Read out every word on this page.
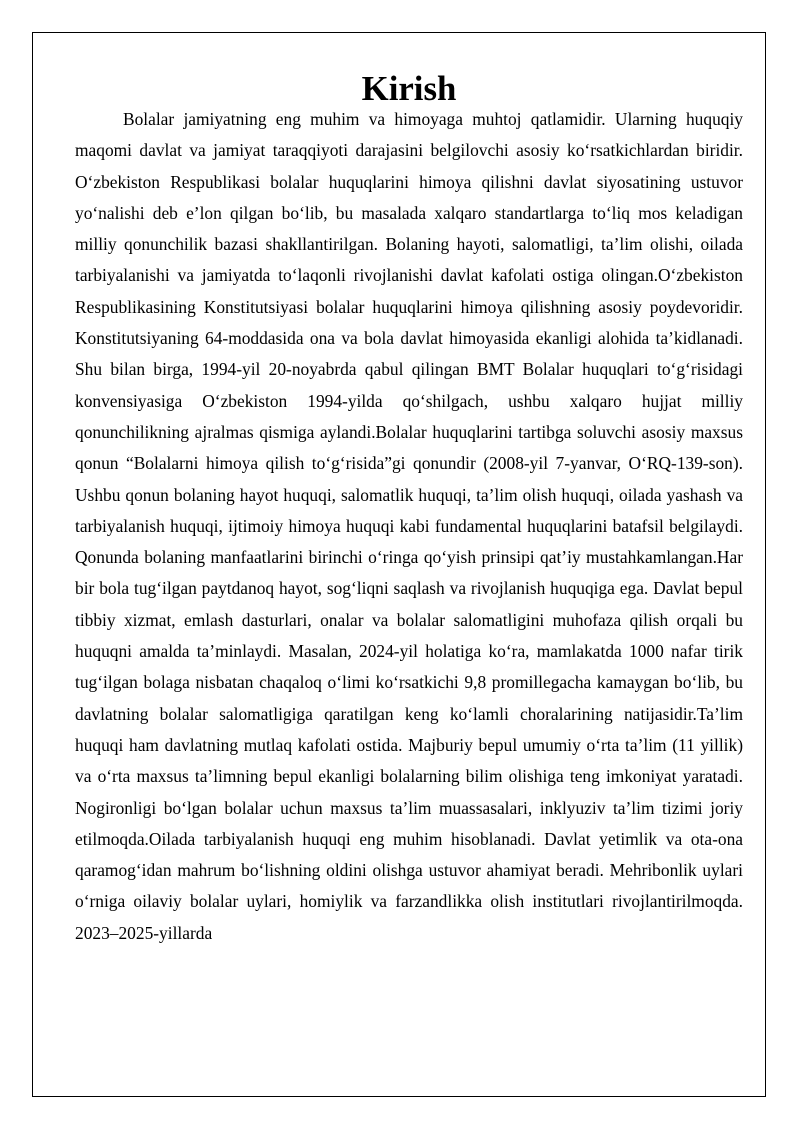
Kirish

Bolalar jamiyatning eng muhim va himoyaga muhtoj qatlamidir. Ularning huquqiy maqomi davlat va jamiyat taraqqiyoti darajasini belgilovchi asosiy ko‘rsatkichlardan biridir. O‘zbekiston Respublikasi bolalar huquqlarini himoya qilishni davlat siyosatining ustuvor yo‘nalishi deb e’lon qilgan bo‘lib, bu masalada xalqaro standartlarga to‘liq mos keladigan milliy qonunchilik bazasi shakllantirilgan. Bolaning hayoti, salomatligi, ta’lim olishi, oilada tarbiyalanishi va jamiyatda to‘laqonli rivojlanishi davlat kafolati ostiga olingan.O‘zbekiston Respublikasining Konstitutsiyasi bolalar huquqlarini himoya qilishning asosiy poydevoridir. Konstitutsiyaning 64-moddasida ona va bola davlat himoyasida ekanligi alohida ta’kidlanadi. Shu bilan birga, 1994-yil 20-noyabrda qabul qilingan BMT Bolalar huquqlari to‘g‘risidagi konvensiyasiga O‘zbekiston 1994-yilda qo‘shilgach, ushbu xalqaro hujjat milliy qonunchilikning ajralmas qismiga aylandi.Bolalar huquqlarini tartibga soluvchi asosiy maxsus qonun “Bolalarni himoya qilish to‘g‘risida”gi qonundir (2008-yil 7-yanvar, O‘RQ-139-son). Ushbu qonun bolaning hayot huquqi, salomatlik huquqi, ta’lim olish huquqi, oilada yashash va tarbiyalanish huquqi, ijtimoiy himoya huquqi kabi fundamental huquqlarini batafsil belgilaydi. Qonunda bolaning manfaatlarini birinchi o‘ringa qo‘yish prinsipi qat’iy mustahkamlangan.Har bir bola tug‘ilgan paytdanoq hayot, sog‘liqni saqlash va rivojlanish huquqiga ega. Davlat bepul tibbiy xizmat, emlash dasturlari, onalar va bolalar salomatligini muhofaza qilish orqali bu huquqni amalda ta’minlaydi. Masalan, 2024-yil holatiga ko‘ra, mamlakatda 1000 nafar tirik tug‘ilgan bolaga nisbatan chaqaloq o‘limi ko‘rsatkichi 9,8 promillegacha kamaygan bo‘lib, bu davlatning bolalar salomatligiga qaratilgan keng ko‘lamli choralarining natijasidir.Ta’lim huquqi ham davlatning mutlaq kafolati ostida. Majburiy bepul umumiy o‘rta ta’lim (11 yillik) va o‘rta maxsus ta’limning bepul ekanligi bolalarning bilim olishiga teng imkoniyat yaratadi. Nogironligi bo‘lgan bolalar uchun maxsus ta’lim muassasalari, inklyuziv ta’lim tizimi joriy etilmoqda.Oilada tarbiyalanish huquqi eng muhim hisoblanadi. Davlat yetimlik va ota-ona qaramog‘idan mahrum bo‘lishning oldini olishga ustuvor ahamiyat beradi. Mehribonlik uylari o‘rniga oilaviy bolalar uylari, homiylik va farzandlikka olish institutlari rivojlantirilmoqda. 2023–2025-yillarda
